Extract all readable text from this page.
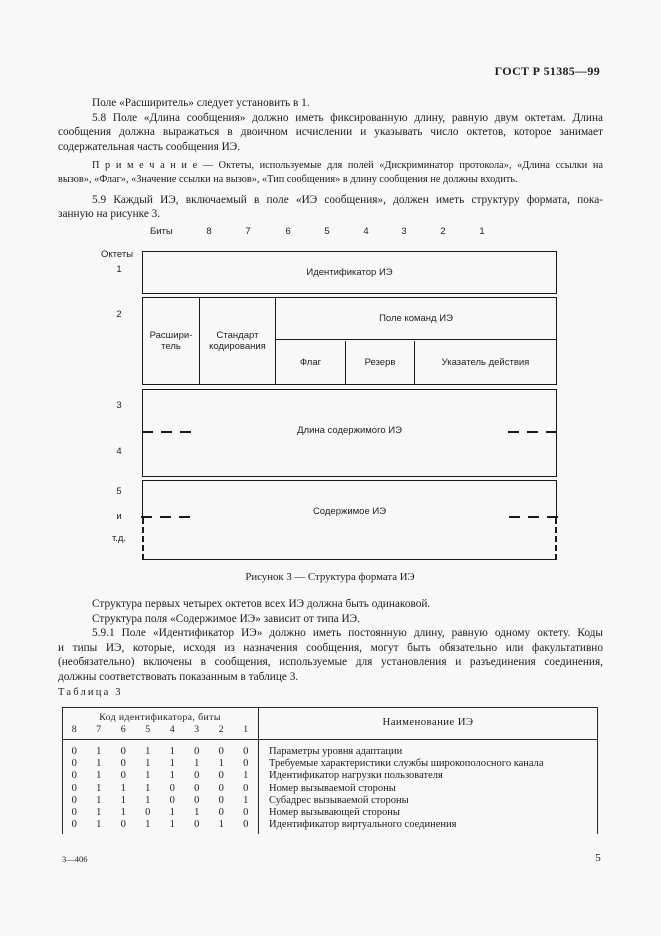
ГОСТ Р 51385—99
Поле «Расширитель» следует установить в 1.
5.8 Поле «Длина сообщения» должно иметь фиксированную длину, равную двум октетам. Длина
сообщения должна выражаться в двоичном исчислении и указывать число октетов, которое занимает
содержательная часть сообщения ИЭ.
П р и м е ч а н и е — Октеты, используемые для полей «Дискриминатор протокола», «Длина ссылки на
вызов», «Флаг», «Значение ссылки на вызов», «Тип сообщения» в длину сообщения не должны входить.
5.9 Каждый ИЭ, включаемый в поле «ИЭ сообщения», должен иметь структуру формата, пока-
занную на рисунке 3.
Биты	8	7	6	5	4	3	2	1
Октеты
1
2
3
4
5
и
т.д.
Идентификатор ИЭ
Расшири-
тель
Стандарт
кодирования
Поле команд ИЭ
Флаг	Резерв	Указатель действия
Длина содержимого ИЭ
Содержимое ИЭ
Рисунок 3 — Структура формата ИЭ
Структура первых четырех октетов всех ИЭ должна быть одинаковой.
Структура поля «Содержимое ИЭ» зависит от типа ИЭ.
5.9.1 Поле «Идентификатор ИЭ» должно иметь постоянную длину, равную одному октету. Коды
и типы ИЭ, которые, исходя из назначения сообщения, могут быть обязательно или факультативно
(необязательно) включены в сообщения, используемые для установления и разъединения соединения,
должны соответствовать показанным в таблице 3.
Таблица 3
Код идентификатора, биты
8	7	6	5	4	3	2	1
Наименование ИЭ
0	1	0	1	1	0	0	0	Параметры уровня адаптации
0	1	0	1	1	1	1	0	Требуемые характеристики службы широкополосного канала
0	1	0	1	1	0	0	1	Идентификатор нагрузки пользователя
0	1	1	1	0	0	0	0	Номер вызываемой стороны
0	1	1	1	0	0	0	1	Субадрес вызываемой стороны
0	1	1	0	1	1	0	0	Номер вызывающей стороны
0	1	0	1	1	0	1	0	Идентификатор виртуального соединения
3—406	5
